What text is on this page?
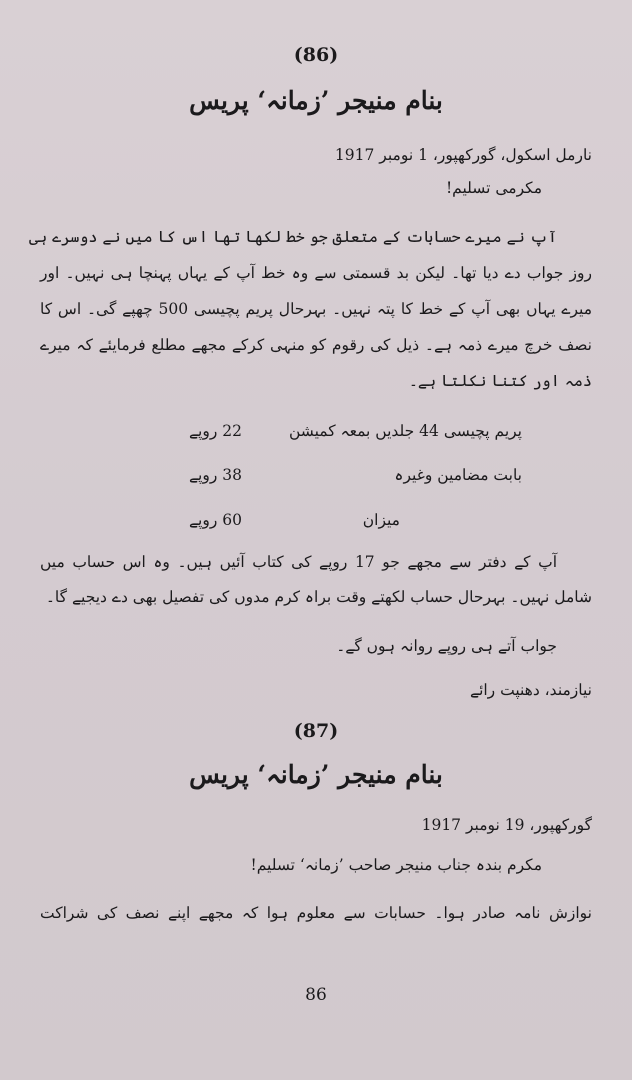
(86)
بنام منیجر ’زمانہ‘ پریس
نارمل اسکول، گورکھپور، 1 نومبر 1917
مکرمی تسلیم!
آپ نے میرے حسابات کے متعلق جو خط لکھا تھا اس کا میں نے دوسرے ہی
روز جواب دے دیا تھا۔ لیکن بد قسمتی سے وہ خط آپ کے یہاں پہنچا ہی نہیں۔ اور
میرے یہاں بھی آپ کے خط کا پتہ نہیں۔ بہرحال پریم پچیسی 500 چھپے گی۔ اس کا
نصف خرچ میرے ذمہ ہے۔ ذیل کی رقوم کو منہی کرکے مجھے مطلع فرمایئے کہ میرے
ذمہ اور کتنا نکلتا ہے۔
پریم پچیسی 44 جلدیں بمعہ کمیشن
22 روپے
بابت مضامین وغیرہ
38 روپے
میزان
60 روپے
آپ کے دفتر سے مجھے جو 17 روپے کی کتاب آئیں ہیں۔ وہ اس حساب میں
شامل نہیں۔ بہرحال حساب لکھتے وقت براہ کرم مدوں کی تفصیل بھی دے دیجیے گا۔
جواب آتے ہی روپے روانہ ہوں گے۔
نیازمند، دھنپت رائے
(87)
بنام منیجر ’زمانہ‘ پریس
گورکھپور، 19 نومبر 1917
مکرم بندہ جناب منیجر صاحب ’زمانہ‘ تسلیم!
نوازش نامہ صادر ہوا۔ حسابات سے معلوم ہوا کہ مجھے اپنے نصف کی شراکت
86
